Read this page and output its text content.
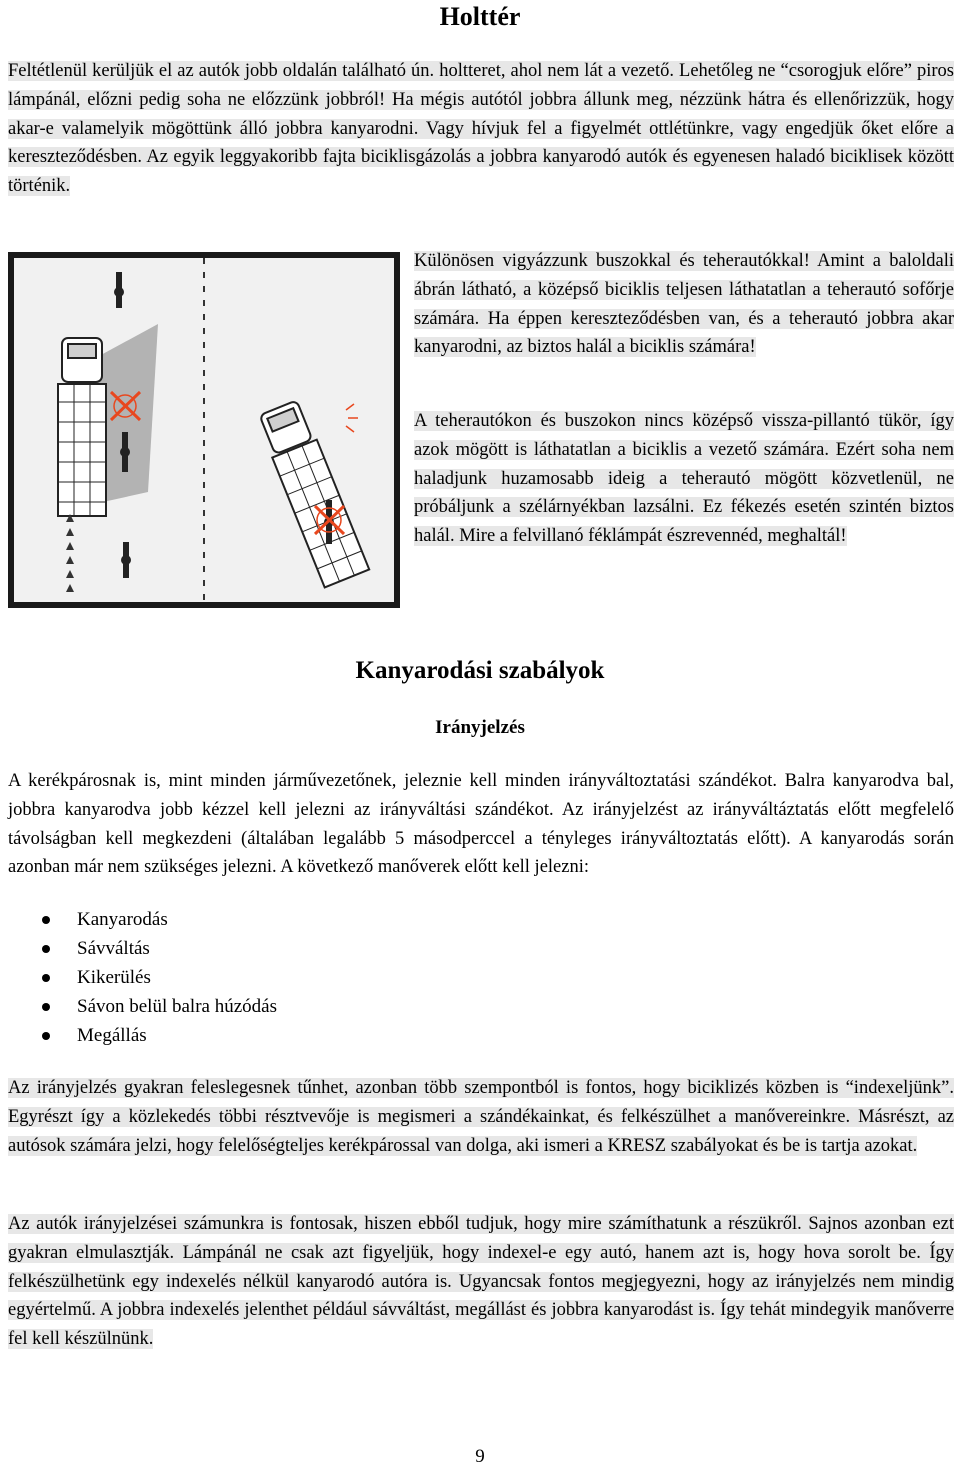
Holttér

Feltétlenül kerüljük el az autók jobb oldalán található ún. holtteret, ahol nem lát a vezető. Lehetőleg ne “csorogjuk előre” piros lámpánál, előzni pedig soha ne előzzünk jobbról! Ha mégis autótól jobbra állunk meg, nézzünk hátra és ellenőrizzük, hogy akar-e valamelyik mögöttünk álló jobbra kanyarodni. Vagy hívjuk fel a figyelmét ottlétünkre, vagy engedjük őket előre a kereszteződésben. Az egyik leggyakoribb fajta biciklisgázolás a jobbra kanyarodó autók és egyenesen haladó biciklisek között történik.

Különösen vigyázzunk buszokkal és teherautókkal! Amint a baloldali ábrán látható, a középső biciklis teljesen láthatatlan a teherautó sofőrje számára. Ha éppen kereszteződésben van, és a teherautó jobbra akar kanyarodni, az biztos halál a biciklis számára!

A teherautókon és buszokon nincs középső vissza-pillantó tükör, így azok mögött is láthatatlan a biciklis a vezető számára. Ezért soha nem haladjunk huzamosabb ideig a teherautó mögött közvetlenül, ne próbáljunk a szélárnyékban lazsálni. Ez fékezés esetén szintén biztos halál. Mire a felvillanó féklámpát észrevennéd, meghaltál!

Kanyarodási szabályok
Irányjelzés

A kerékpárosnak is, mint minden járművezetőnek, jeleznie kell minden irányváltoztatási szándékot. Balra kanyarodva bal, jobbra kanyarodva jobb kézzel kell jelezni az irányváltási szándékot. Az irányjelzést az irányváltáztatás előtt megfelelő távolságban kell megkezdeni (általában legalább 5 másodperccel a tényleges irányváltoztatás előtt). A kanyarodás során azonban már nem szükséges jelezni. A következő manőverek előtt kell jelezni:

Kanyarodás
Sávváltás
Kikerülés
Sávon belül balra húzódás
Megállás

Az irányjelzés gyakran feleslegesnek tűnhet, azonban több szempontból is fontos, hogy biciklizés közben is “indexeljünk”. Egyrészt így a közlekedés többi résztvevője is megismeri a szándékainkat, és felkészülhet a manővereinkre. Másrészt, az autósok számára jelzi, hogy felelőségteljes kerékpárossal van dolga, aki ismeri a KRESZ szabályokat és be is tartja azokat.

Az autók irányjelzései számunkra is fontosak, hiszen ebből tudjuk, hogy mire számíthatunk a részükről. Sajnos azonban ezt gyakran elmulasztják. Lámpánál ne csak azt figyeljük, hogy indexel-e egy autó, hanem azt is, hogy hova sorolt be. Így felkészülhetünk egy indexelés nélkül kanyarodó autóra is. Ugyancsak fontos megjegyezni, hogy az irányjelzés nem mindig egyértelmű. A jobbra indexelés jelenthet például sávváltást, megállást és jobbra kanyarodást is. Így tehát mindegyik manőverre fel kell készülnünk.

9
